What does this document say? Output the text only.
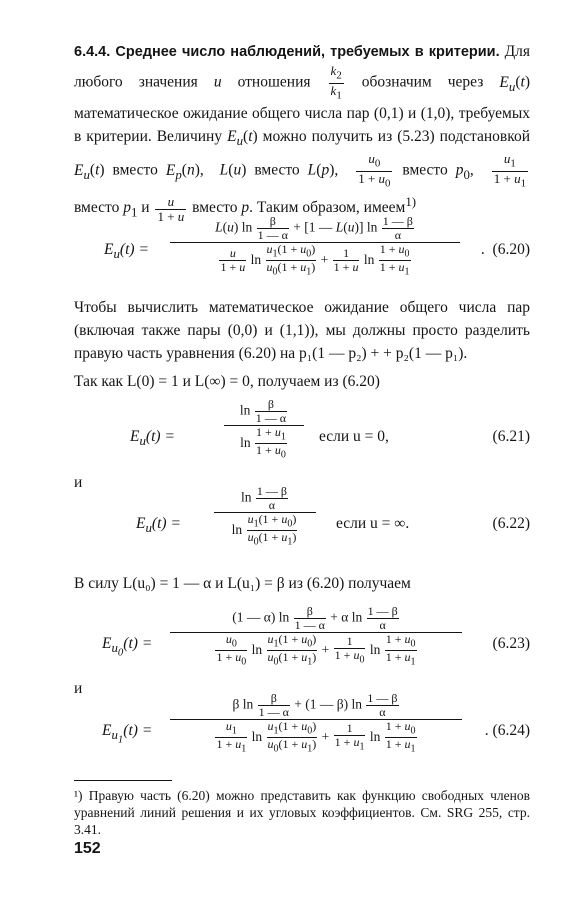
6.4.4. Среднее число наблюдений, требуемых в критерии. Для любого значения u отношения $\frac{k_2}{k_1}$ обозначим через $E_u(t)$ математическое ожидание общего числа пар (0,1) и (1,0), требуемых в критерии. Величину $E_u(t)$ можно получить из (5.23) подстановкой $E_u(t)$ вместо $E_p(n)$,  L(u) вместо L(p), $\frac{u_0}{1 + u_0}$ вместо $p_0$, $\frac{u_1}{1 + u_1}$
вместо $p_1$ и $\frac{u}{1 + u}$ вместо p. Таким образом, имеем$^{1)}$
$E_u(t)$ =
L(u) $\ln \frac{\beta}{1 — \alpha} + [1$ — L(u)] $\ln \frac{1 — \beta}{\alpha}$
$\frac{u}{1 + u}$ $\ln \frac{u_1(1 + u_0)}{u_0(1 + u_1)} + \frac{1}{1 + u}$ $\ln \frac{1 + u_0}{1 + u_1}$	.  (6.20)
Чтобы вычислить математическое ожидание общего числа пар (включая также пары (0,0) и (1,1)), мы должны просто разделить правую часть уравнения (6.20) на p₁(1 — p₂) + + p₂(1 — p₁).
Так как L(0) = 1 и L(∞) = 0, получаем из (6.20)
$E_u(t)$ =
$\ln \frac{\beta}{1 — \alpha}$
$\ln \frac{1 + u_1}{1 + u_0}$ если u = 0,	(6.21)
и
$E_u(t)$ =
$\ln \frac{1 — \beta}{\alpha}$
$\ln \frac{u_1(1 + u_0)}{u_0(1 + u_1)}$ если u = ∞.	(6.22)
В силу L(u₀) = 1 — α и L(u₁) = β из (6.20) получаем
$E_{u_0}(t)$ =
(1 — α) $\ln \frac{\beta}{1 — \alpha} + \alpha$ $\ln \frac{1 — \beta}{\alpha}$
$\frac{u_0}{1 + u_0}$ $\ln \frac{u_1(1 + u_0)}{u_0(1 + u_1)} + \frac{1}{1 + u_0}$ $\ln \frac{1 + u_0}{1 + u_1}$	(6.23)
и
$E_{u_1}(t)$ =
β $\ln \frac{\beta}{1 — \alpha} + (1$ — β) $\ln \frac{1 — \beta}{\alpha}$
$\frac{u_1}{1 + u_1}$ $\ln \frac{u_1(1 + u_0)}{u_0(1 + u_1)} + \frac{1}{1 + u_1}$ $\ln \frac{1 + u_0}{1 + u_1}$	. (6.24)
¹) Правую часть (6.20) можно представить как функцию свободных членов уравнений линий решения и их угловых коэффициентов. См. SRG 255, стр. 3.41.
152
